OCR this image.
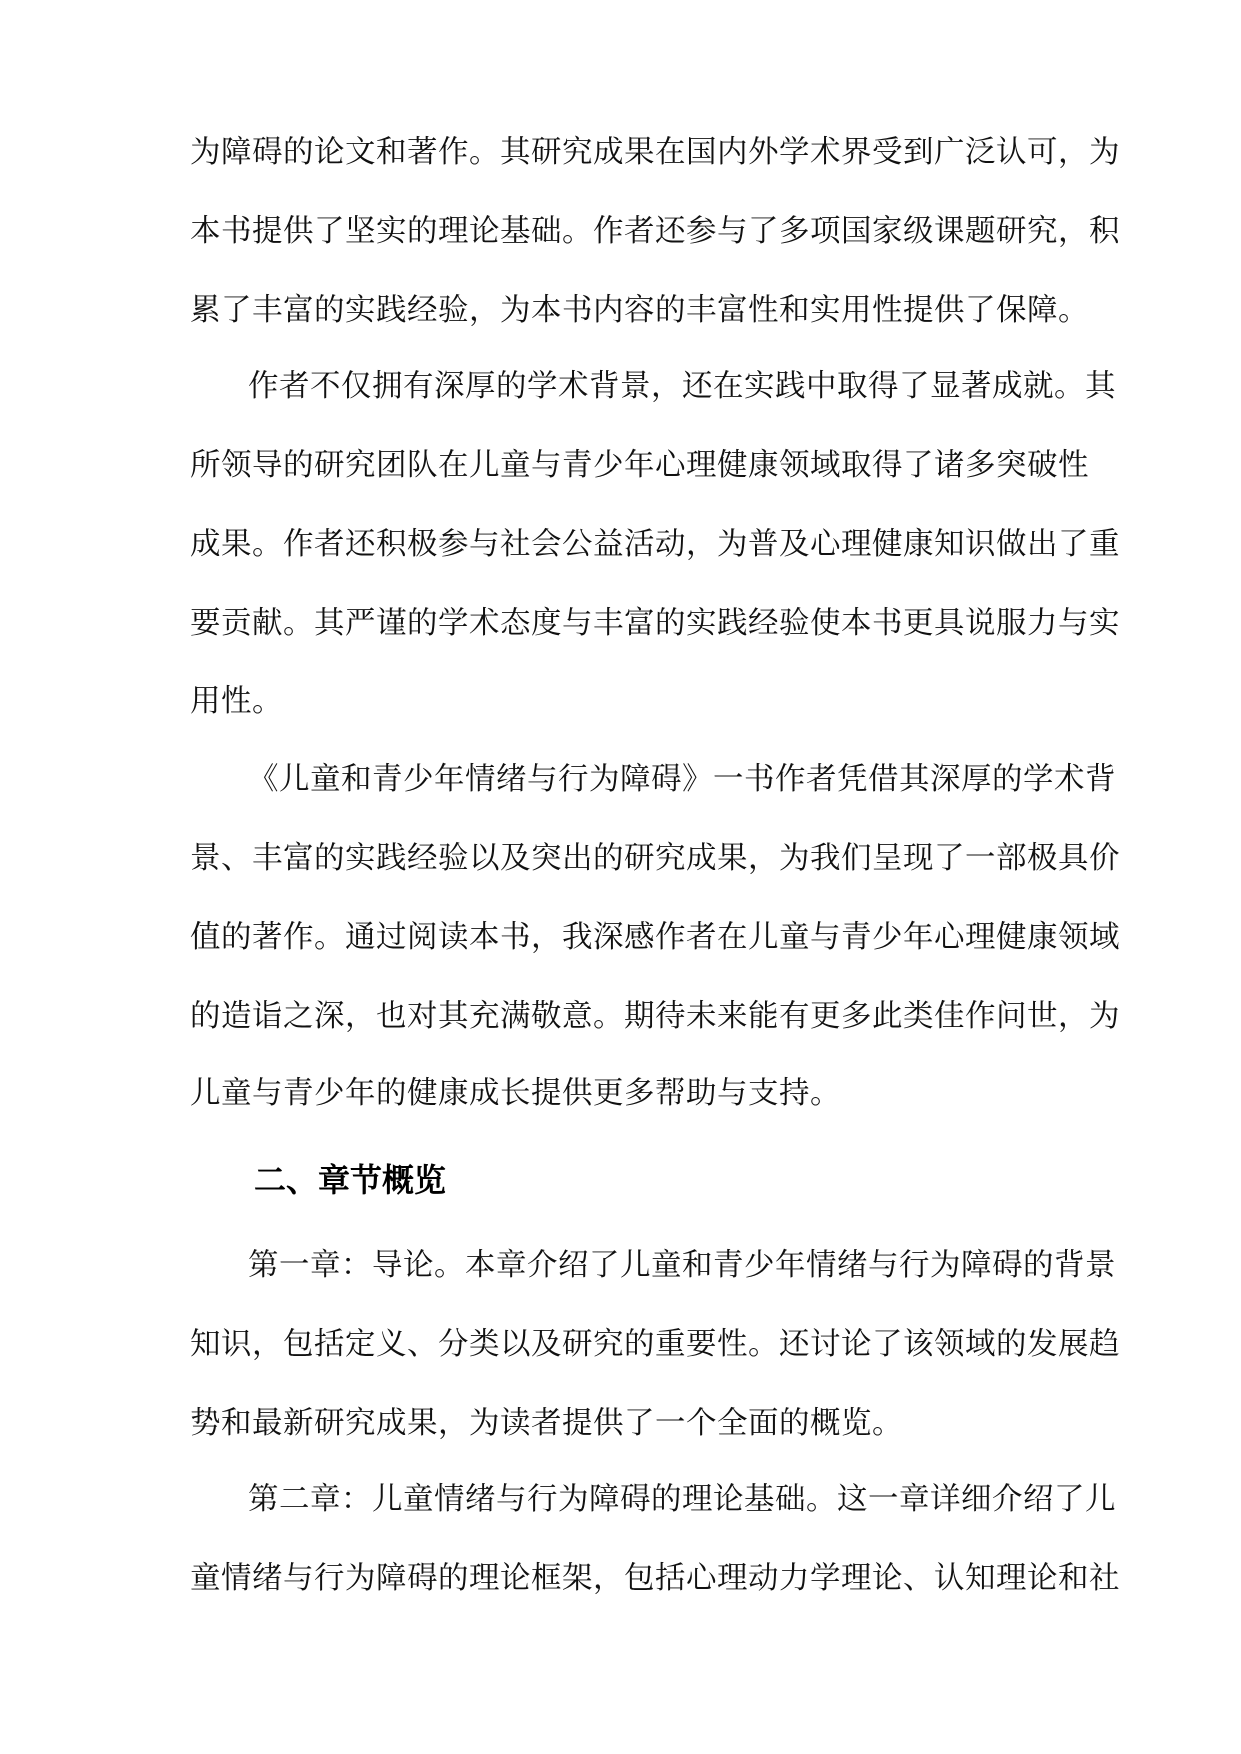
为障碍的论文和著作。其研究成果在国内外学术界受到广泛认可，为
本书提供了坚实的理论基础。作者还参与了多项国家级课题研究，积
累了丰富的实践经验，为本书内容的丰富性和实用性提供了保障。
作者不仅拥有深厚的学术背景，还在实践中取得了显著成就。其
所领导的研究团队在儿童与青少年心理健康领域取得了诸多突破性
成果。作者还积极参与社会公益活动，为普及心理健康知识做出了重
要贡献。其严谨的学术态度与丰富的实践经验使本书更具说服力与实
用性。
《儿童和青少年情绪与行为障碍》一书作者凭借其深厚的学术背
景、丰富的实践经验以及突出的研究成果，为我们呈现了一部极具价
值的著作。通过阅读本书，我深感作者在儿童与青少年心理健康领域
的造诣之深，也对其充满敬意。期待未来能有更多此类佳作问世，为
儿童与青少年的健康成长提供更多帮助与支持。
二、章节概览
第一章：导论。本章介绍了儿童和青少年情绪与行为障碍的背景
知识，包括定义、分类以及研究的重要性。还讨论了该领域的发展趋
势和最新研究成果，为读者提供了一个全面的概览。
第二章：儿童情绪与行为障碍的理论基础。这一章详细介绍了儿
童情绪与行为障碍的理论框架，包括心理动力学理论、认知理论和社
